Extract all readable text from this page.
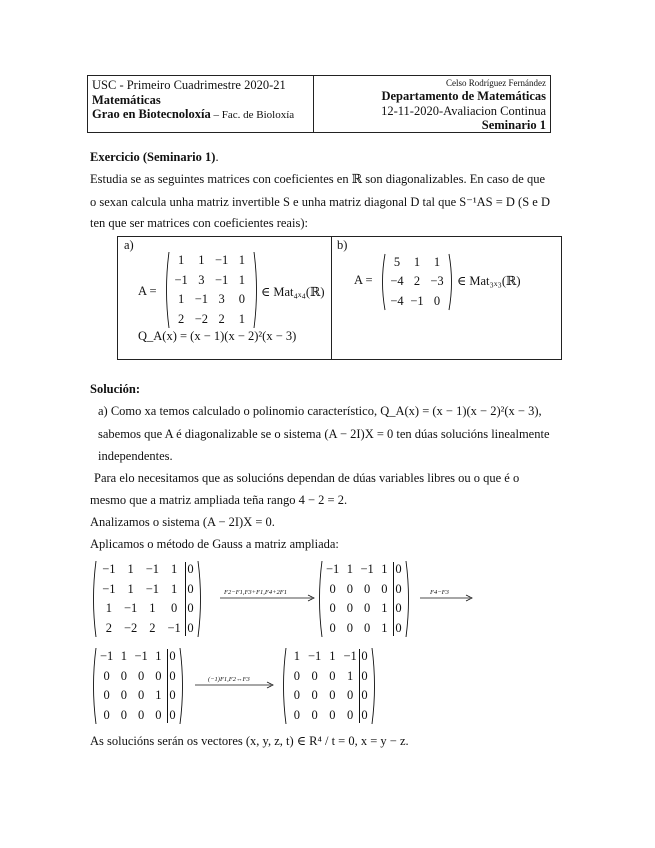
USC - Primeiro Cuadrimestre 2020-21
Matemáticas
Grao en Biotecnoloxía – Fac. de Bioloxía
Celso Rodríguez Fernández
Departamento de Matemáticas
12-11-2020-Avaliacion Continua
Seminario 1
Exercicio (Seminario 1).
Estudia se as seguintes matrices con coeficientes en ℝ son diagonalizables. En caso de que
o sexan calcula unha matriz invertible S e unha matriz diagonal D tal que S⁻¹AS = D (S e D
ten que ser matrices con coeficientes reais):
a)	b)
A =	∈ Mat₄ₓ₄(ℝ)
1	1 −1 1
−1 3 −1 1
1 −1 3	0
2 −2 2	1
Q_A(x) = (x − 1)(x − 2)²(x − 3)
A =	∈ Mat₃ₓ₃(ℝ)
5	1	1
−4 2 −3
−4 −1 0
Solución:
a) Como xa temos calculado o polinomio característico, Q_A(x) = (x − 1)(x − 2)²(x − 3),
sabemos que A é diagonalizable se o sistema (A − 2I)X = 0 ten dúas solucións linealmente
independentes.
Para elo necesitamos que as solucións dependan de dúas variables libres ou o que é o
mesmo que a matriz ampliada teña rango 4 − 2 = 2.
Analizamos o sistema (A − 2I)X = 0.
Aplicamos o método de Gauss a matriz ampliada:
−1 1 −1 1 0
−1 1 −1 1 0
1 −1 1	0 0
2 −2 2 −1 0
F2−F1,F3+F1,F4+2F1
−1 1 −1 1 0
0 0 0 0 0
0 0 0 1 0
0 0 0 1 0
F4−F3
−1 1 −1 1 0
0 0 0 0 0
0 0 0 1 0
0 0 0 0 0
(−1)F1,F2↔F3
1 −1 1 −1 0
0 0 0 1 0
0 0 0 0 0
0 0 0 0 0
As solucións serán os vectores (x, y, z, t) ∈ R⁴ / t = 0, x = y − z.
